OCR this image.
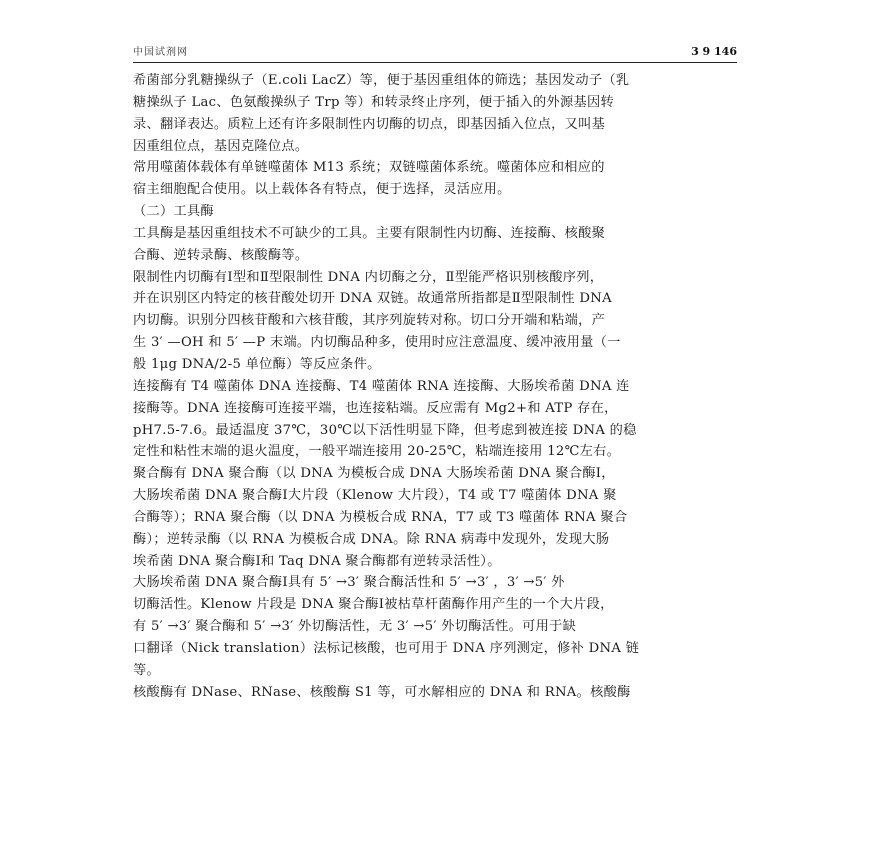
中国试剂网	3 9 146
希菌部分乳糖操纵子（E.coli LacZ）等，便于基因重组体的筛选；基因发动子（乳
糖操纵子 Lac、色氨酸操纵子 Trp 等）和转录终止序列，便于插入的外源基因转
录、翻译表达。质粒上还有许多限制性内切酶的切点，即基因插入位点，又叫基
因重组位点，基因克隆位点。
常用噬菌体载体有单链噬菌体 M13 系统；双链噬菌体系统。噬菌体应和相应的
宿主细胞配合使用。以上载体各有特点，便于选择，灵活应用。
（二）工具酶
工具酶是基因重组技术不可缺少的工具。主要有限制性内切酶、连接酶、核酸聚
合酶、逆转录酶、核酸酶等。
限制性内切酶有Ⅰ型和Ⅱ型限制性 DNA 内切酶之分，Ⅱ型能严格识别核酸序列，
并在识别区内特定的核苷酸处切开 DNA 双链。故通常所指都是Ⅱ型限制性 DNA
内切酶。识别分四核苷酸和六核苷酸，其序列旋转对称。切口分开端和粘端，产
生 3′ —OH 和 5′ —P 末端。内切酶品种多，使用时应注意温度、缓冲液用量（一
般 1μg DNA/2-5 单位酶）等反应条件。
连接酶有 T4 噬菌体 DNA 连接酶、T4 噬菌体 RNA 连接酶、大肠埃希菌 DNA 连
接酶等。DNA 连接酶可连接平端，也连接粘端。反应需有 Mg2+和 ATP 存在，
pH7.5-7.6。最适温度 37℃，30℃以下活性明显下降，但考虑到被连接 DNA 的稳
定性和粘性末端的退火温度，一般平端连接用 20-25℃，粘端连接用 12℃左右。
聚合酶有 DNA 聚合酶（以 DNA 为模板合成 DNA 大肠埃希菌 DNA 聚合酶Ⅰ，
大肠埃希菌 DNA 聚合酶Ⅰ大片段（Klenow 大片段），T4 或 T7 噬菌体 DNA 聚
合酶等）；RNA 聚合酶（以 DNA 为模板合成 RNA，T7 或 T3 噬菌体 RNA 聚合
酶）；逆转录酶（以 RNA 为模板合成 DNA。除 RNA 病毒中发现外，发现大肠
埃希菌 DNA 聚合酶Ⅰ和 Taq DNA 聚合酶都有逆转录活性）。
大肠埃希菌 DNA 聚合酶Ⅰ具有 5′ →3′ 聚合酶活性和 5′ →3′ ，3′ →5′ 外
切酶活性。Klenow 片段是 DNA 聚合酶Ⅰ被枯草杆菌酶作用产生的一个大片段，
有 5′ →3′ 聚合酶和 5′ →3′ 外切酶活性，无 3′ →5′ 外切酶活性。可用于缺
口翻译（Nick translation）法标记核酸，也可用于 DNA 序列测定，修补 DNA 链
等。
核酸酶有 DNase、RNase、核酸酶 S1 等，可水解相应的 DNA 和 RNA。核酸酶
